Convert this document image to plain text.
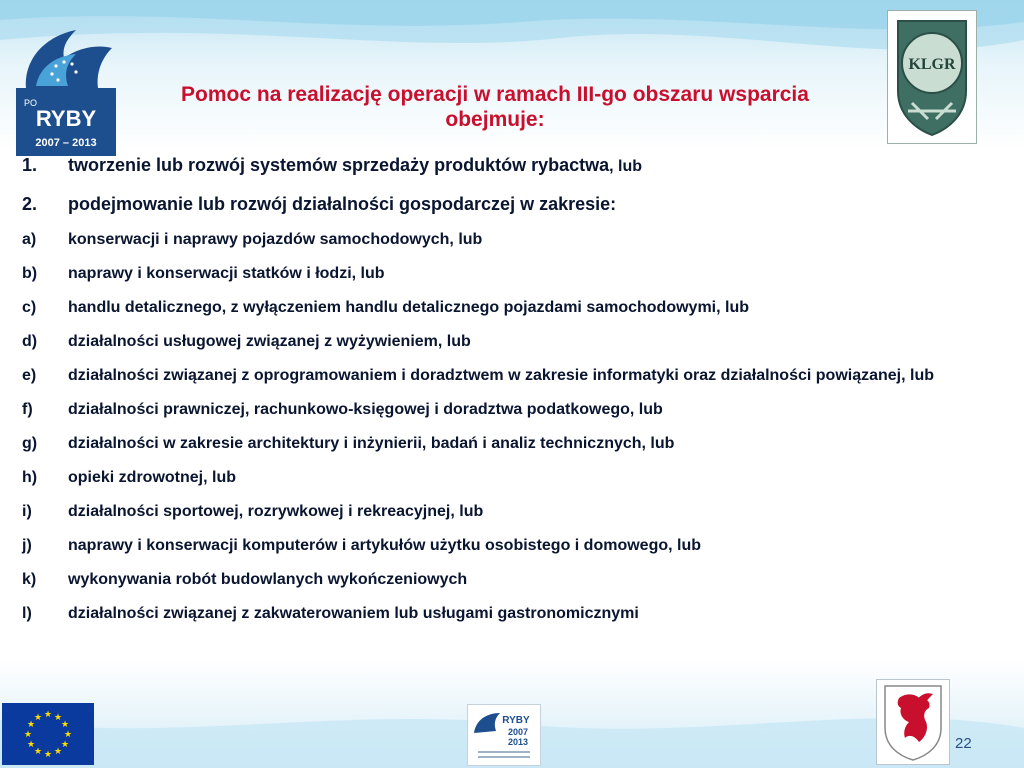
PO
RYBY
2007 – 2013
Pomoc na realizację operacji w ramach III-go obszaru wsparcia obejmuje:
KLGR
1.	tworzenie lub rozwój systemów sprzedaży produktów rybactwa, lub
2.	podejmowanie lub rozwój działalności gospodarczej w zakresie:
a)	konserwacji i naprawy pojazdów samochodowych, lub
b)	naprawy i konserwacji statków i łodzi, lub
c)	handlu detalicznego, z wyłączeniem handlu detalicznego pojazdami samochodowymi, lub
d)	działalności usługowej związanej z wyżywieniem, lub
e)	działalności związanej z oprogramowaniem i doradztwem w zakresie informatyki oraz działalności powiązanej, lub
f)	działalności prawniczej, rachunkowo-księgowej i doradztwa podatkowego, lub
g)	działalności w zakresie architektury i inżynierii, badań i analiz technicznych, lub
h)	opieki zdrowotnej, lub
i)	działalności sportowej, rozrywkowej i rekreacyjnej, lub
j)	naprawy i konserwacji komputerów i artykułów użytku osobistego i domowego, lub
k)	wykonywania robót budowlanych wykończeniowych
l)	działalności związanej z zakwaterowaniem lub usługami gastronomicznymi
★ ★
★
★
★
★
★
★
★
★
★
★	PO RYBY
2007
2013	22
